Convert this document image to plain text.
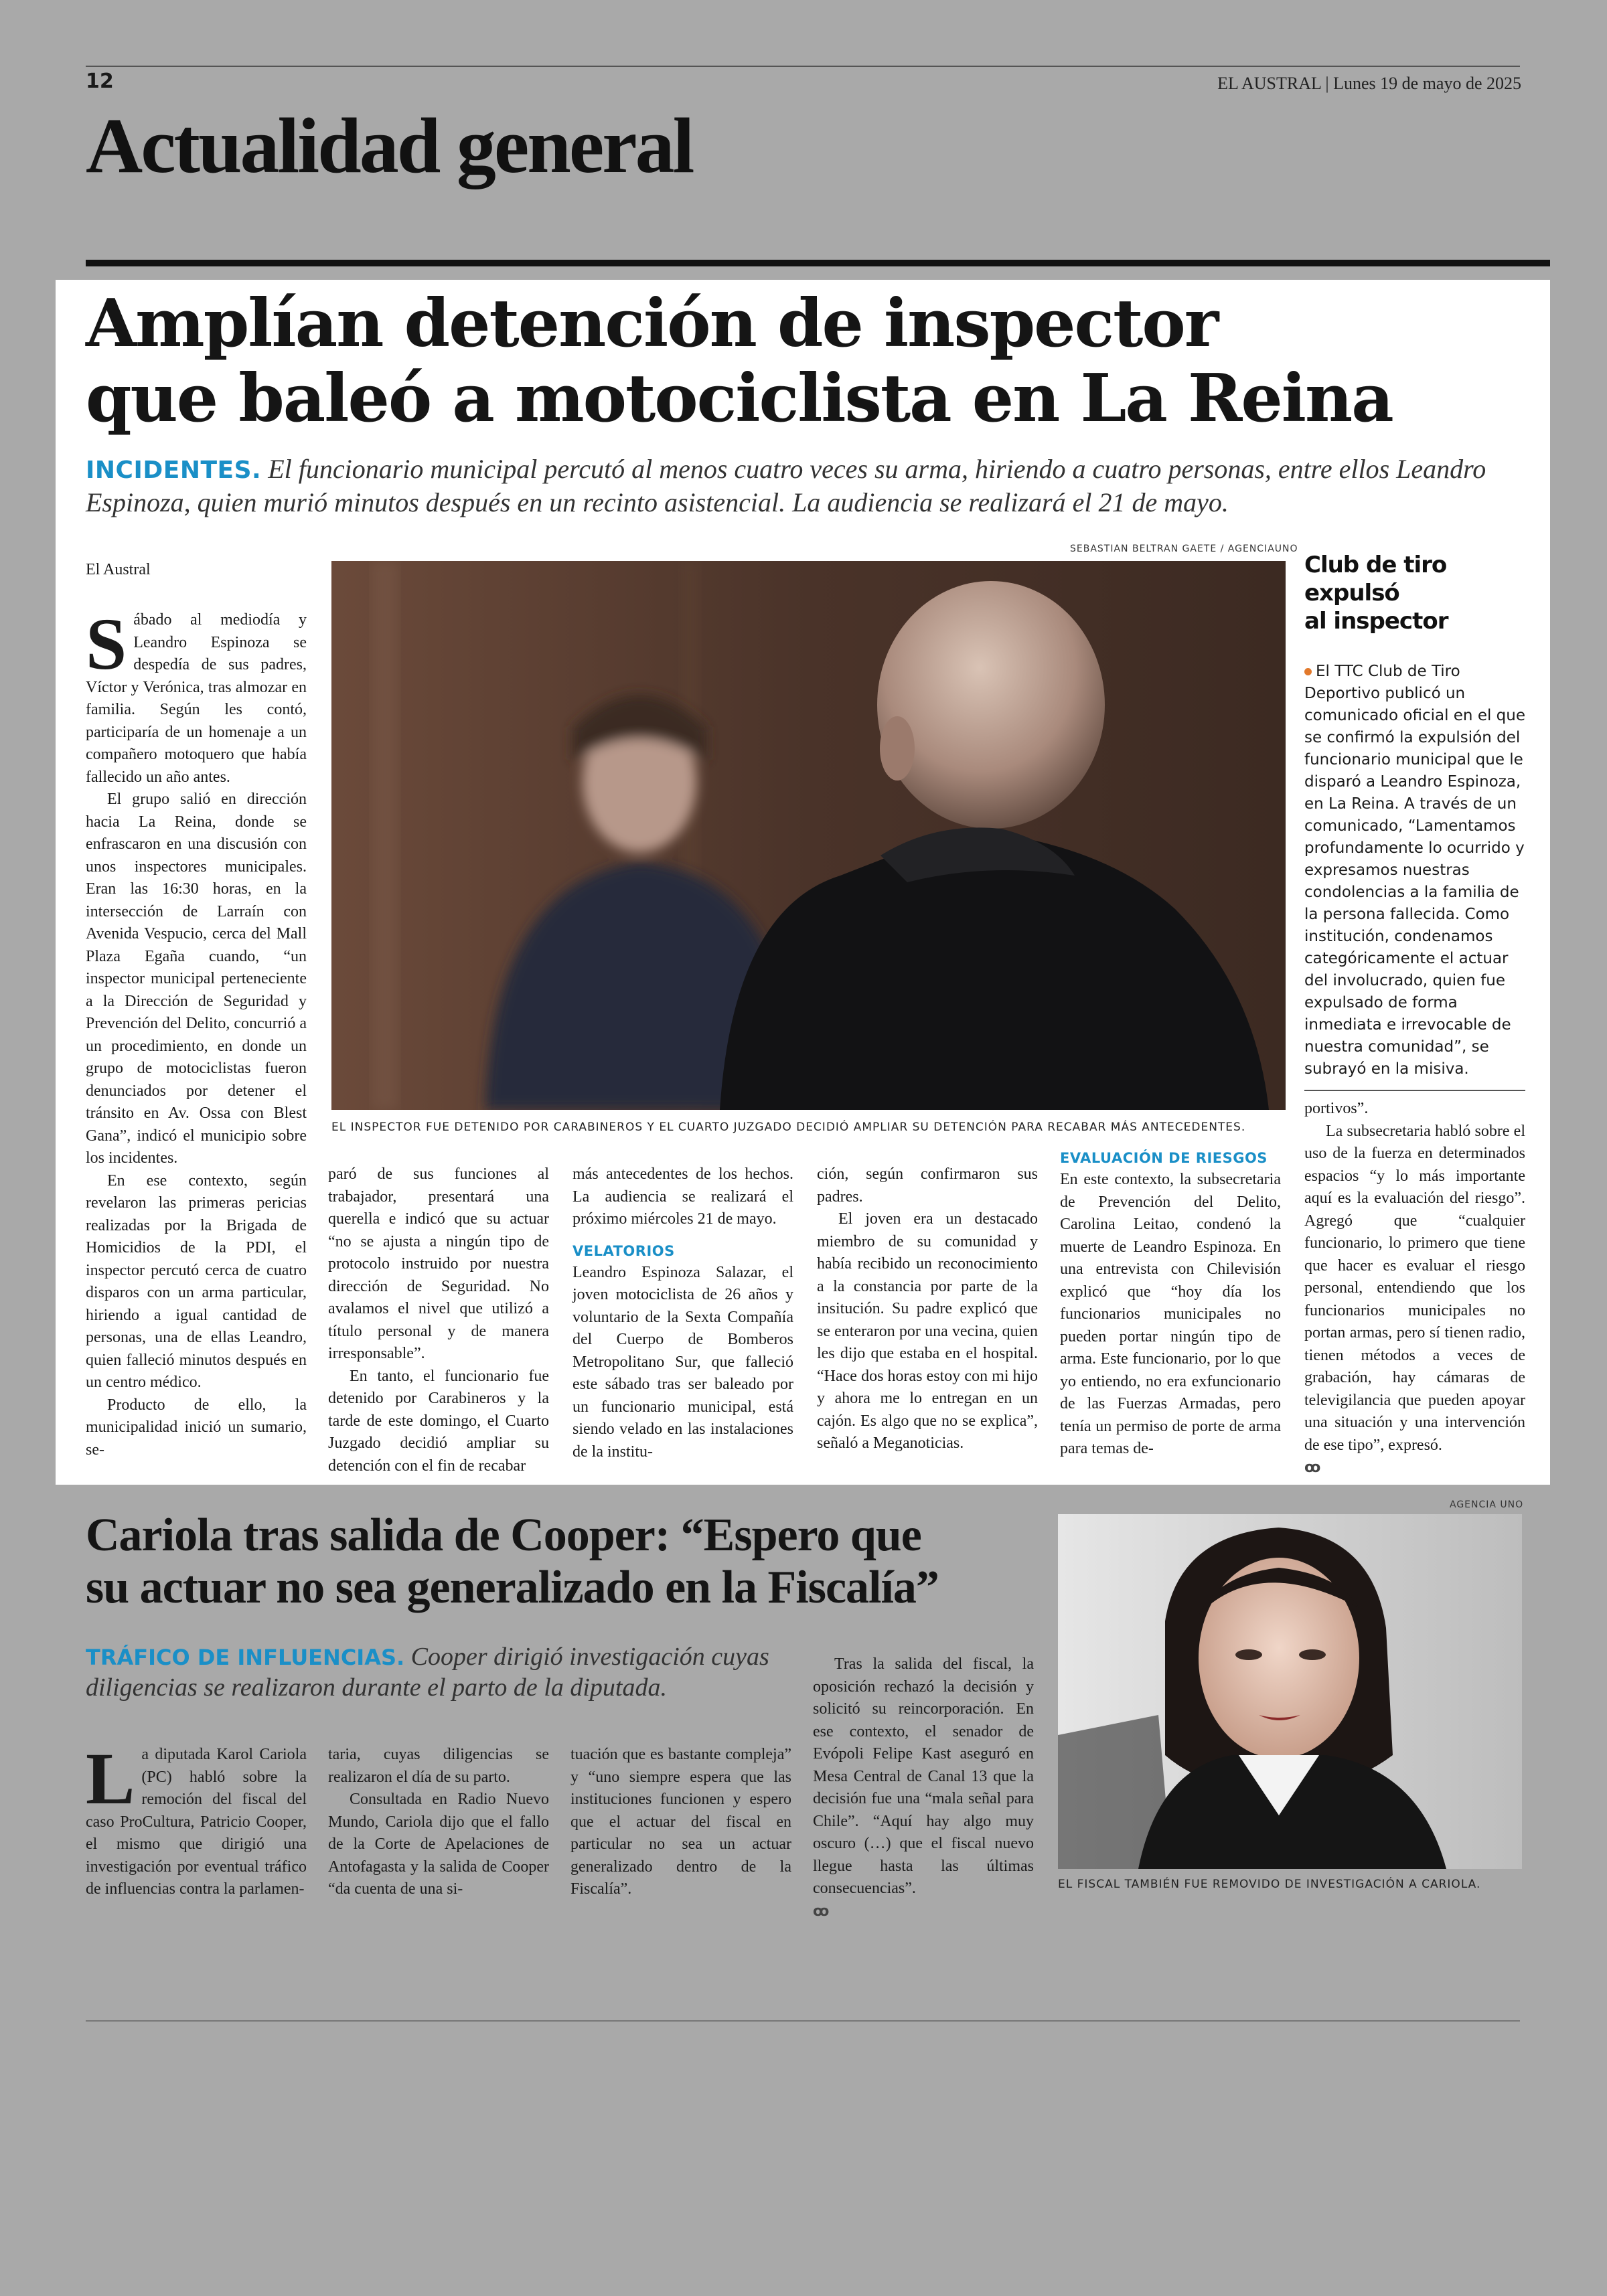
12	EL AUSTRAL | Lunes 19 de mayo de 2025
Actualidad general
Amplían detención de inspector
que baleó a motociclista en La Reina
INCIDENTES. El funcionario municipal percutó al menos cuatro veces su arma, hiriendo a cuatro personas, entre ellos Leandro Espinoza, quien murió minutos después en un recinto asistencial. La audiencia se realizará el 21 de mayo.
SEBASTIAN BELTRAN GAETE / AGENCIAUNO
EL INSPECTOR FUE DETENIDO POR CARABINEROS Y EL CUARTO JUZGADO DECIDIÓ AMPLIAR SU DETENCIÓN PARA RECABAR MÁS ANTECEDENTES.
El Austral

Sábado al mediodía y Leandro Espinoza se despedía de sus padres, Víctor y Verónica, tras almozar en familia. Según les contó, participaría de un homenaje a un compañero motoquero que había fallecido un año antes.

El grupo salió en dirección hacia La Reina, donde se enfrascaron en una discusión con unos inspectores municipales. Eran las 16:30 horas, en la intersección de Larraín con Avenida Vespucio, cerca del Mall Plaza Egaña cuando, “un inspector municipal perteneciente a la Dirección de Seguridad y Prevención del Delito, concurrió a un procedimiento, en donde un grupo de motociclistas fueron denunciados por detener el tránsito en Av. Ossa con Blest Gana”, indicó el municipio sobre los incidentes.

En ese contexto, según revelaron las primeras pericias realizadas por la Brigada de Homicidios de la PDI, el inspector percutó cerca de cuatro disparos con un arma particular, hiriendo a igual cantidad de personas, una de ellas Leandro, quien falleció minutos después en un centro médico.

Producto de ello, la municipalidad inició un sumario, se-

paró de sus funciones al trabajador, presentará una querella e indicó que su actuar “no se ajusta a ningún tipo de protocolo instruido por nuestra dirección de Seguridad. No avalamos el nivel que utilizó a título personal y de manera irresponsable”.

En tanto, el funcionario fue detenido por Carabineros y la tarde de este domingo, el Cuarto Juzgado decidió ampliar su detención con el fin de recabar

más antecedentes de los hechos. La audiencia se realizará el próximo miércoles 21 de mayo.

VELATORIOS

Leandro Espinoza Salazar, el joven motociclista de 26 años y voluntario de la Sexta Compañía del Cuerpo de Bomberos Metropolitano Sur, que falleció este sábado tras ser baleado por un funcionario municipal, está siendo velado en las instalaciones de la institu-

ción, según confirmaron sus padres.

El joven era un destacado miembro de su comunidad y había recibido un reconocimiento a la constancia por parte de la insitución. Su padre explicó que se enteraron por una vecina, quien les dijo que estaba en el hospital. “Hace dos horas estoy con mi hijo y ahora me lo entregan en un cajón. Es algo que no se explica”, señaló a Meganoticias.

EVALUACIÓN DE RIESGOS

En este contexto, la subsecretaria de Prevención del Delito, Carolina Leitao, condenó la muerte de Leandro Espinoza. En una entrevista con Chilevisión explicó que “hoy día los funcionarios municipales no pueden portar ningún tipo de arma. Este funcionario, por lo que yo entiendo, no era exfuncionario de las Fuerzas Armadas, pero tenía un permiso de porte de arma para temas de-

portivos”.

La subsecretaria habló sobre el uso de la fuerza en determinados espacios “y lo más importante aquí es la evaluación del riesgo”. Agregó que “cualquier funcionario, lo primero que tiene que hacer es evaluar el riesgo personal, entendiendo que los funcionarios municipales no portan armas, pero sí tienen radio, tienen métodos a veces de grabación, hay cámaras de televigilancia que pueden apoyar una situación y una intervención de ese tipo”, expresó.

ꝏ
Club de tiro expulsó
al inspector
El TTC Club de Tiro Deportivo publicó un comunicado oficial en el que se confirmó la expulsión del funcionario municipal que le disparó a Leandro Espinoza, en La Reina. A través de un comunicado, “Lamentamos profundamente lo ocurrido y expresamos nuestras condolencias a la familia de la persona fallecida. Como institución, condenamos categóricamente el actuar del involucrado, quien fue expulsado de forma inmediata e irrevocable de nuestra comunidad”, se subrayó en la misiva.
Cariola tras salida de Cooper: “Espero que
su actuar no sea generalizado en la Fiscalía”
TRÁFICO DE INFLUENCIAS. Cooper dirigió investigación cuyas diligencias se realizaron durante el parto de la diputada.

La diputada Karol Cariola (PC) habló sobre la remoción del fiscal del caso ProCultura, Patricio Cooper, el mismo que dirigió una investigación por eventual tráfico de influencias contra la parlamen-

taria, cuyas diligencias se realizaron el día de su parto.

Consultada en Radio Nuevo Mundo, Cariola dijo que el fallo de la Corte de Apelaciones de Antofagasta y la salida de Cooper “da cuenta de una si-

tuación que es bastante compleja” y “uno siempre espera que las instituciones funcionen y espero que el actuar del fiscal en particular no sea un actuar generalizado dentro de la Fiscalía”.

Tras la salida del fiscal, la oposición rechazó la decisión y solicitó su reincorporación. En ese contexto, el senador de Evópoli Felipe Kast aseguró en Mesa Central de Canal 13 que la decisión fue una “mala señal para Chile”. “Aquí hay algo muy oscuro (…) que el fiscal nuevo llegue hasta las últimas consecuencias”.

ꝏ
AGENCIA UNO
EL FISCAL TAMBIÉN FUE REMOVIDO DE INVESTIGACIÓN A CARIOLA.
